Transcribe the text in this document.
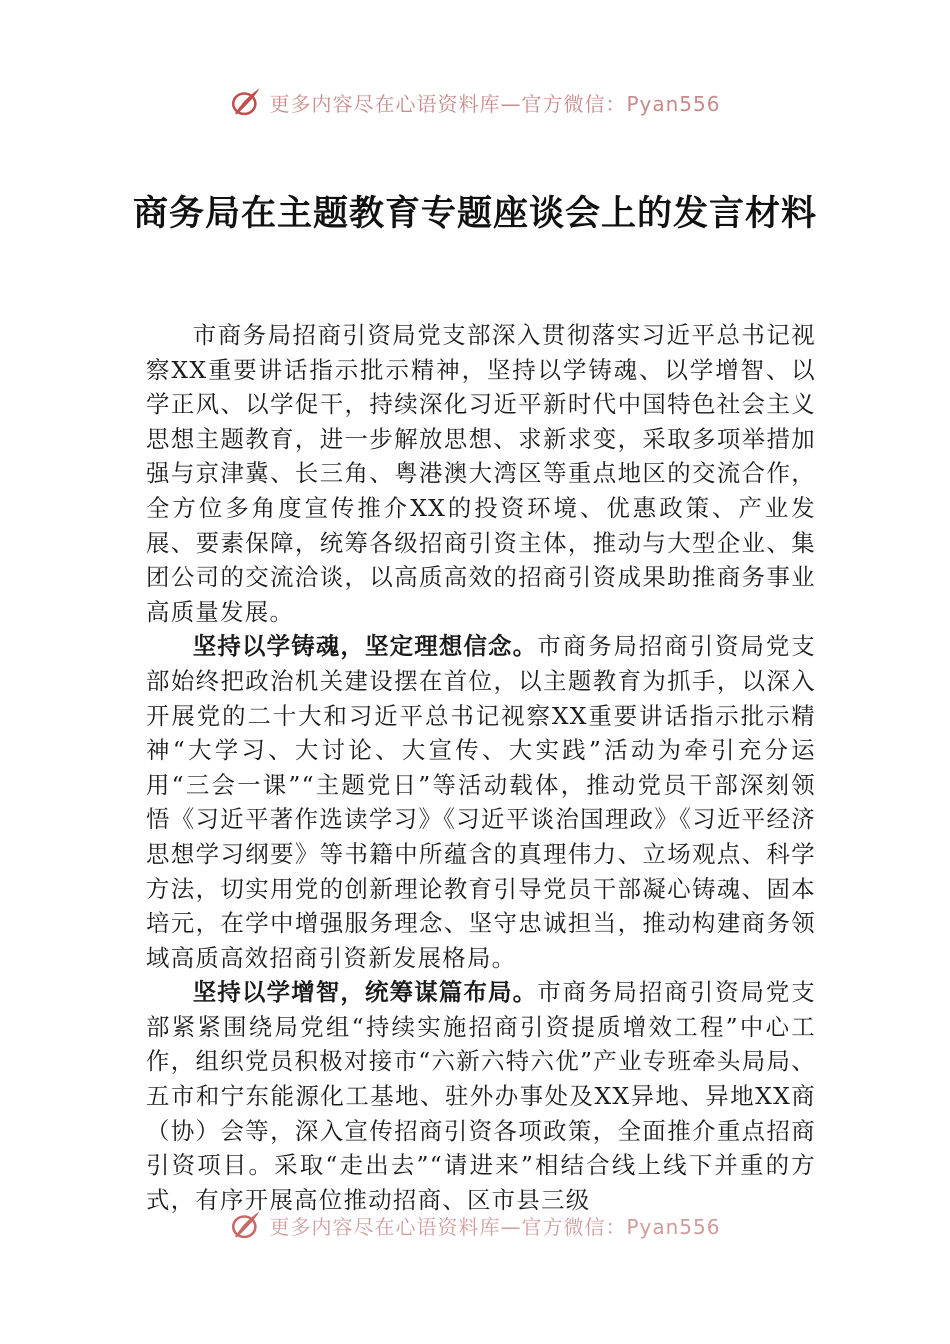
更多内容尽在心语资料库—官方微信：Pyan556
商务局在主题教育专题座谈会上的发言材料

市商务局招商引资局党支部深入贯彻落实习近平总书记视察XX重要讲话指示批示精神，坚持以学铸魂、以学增智、以学正风、以学促干，持续深化习近平新时代中国特色社会主义思想主题教育，进一步解放思想、求新求变，采取多项举措加强与京津冀、长三角、粤港澳大湾区等重点地区的交流合作，全方位多角度宣传推介XX的投资环境、优惠政策、产业发展、要素保障，统筹各级招商引资主体，推动与大型企业、集团公司的交流洽谈，以高质高效的招商引资成果助推商务事业高质量发展。

坚持以学铸魂，坚定理想信念。市商务局招商引资局党支部始终把政治机关建设摆在首位，以主题教育为抓手，以深入开展党的二十大和习近平总书记视察XX重要讲话指示批示精神“大学习、大讨论、大宣传、大实践”活动为牵引充分运用“三会一课”“主题党日”等活动载体，推动党员干部深刻领悟《习近平著作选读学习》《习近平谈治国理政》《习近平经济思想学习纲要》等书籍中所蕴含的真理伟力、立场观点、科学方法，切实用党的创新理论教育引导党员干部凝心铸魂、固本培元，在学中增强服务理念、坚守忠诚担当，推动构建商务领域高质高效招商引资新发展格局。

坚持以学增智，统筹谋篇布局。市商务局招商引资局党支部紧紧围绕局党组“持续实施招商引资提质增效工程”中心工作，组织党员积极对接市“六新六特六优”产业专班牵头局局、五市和宁东能源化工基地、驻外办事处及XX异地、异地XX商（协）会等，深入宣传招商引资各项政策，全面推介重点招商引资项目。采取“走出去”“请进来”相结合线上线下并重的方式，有序开展高位推动招商、区市县三级

更多内容尽在心语资料库—官方微信：Pyan556
